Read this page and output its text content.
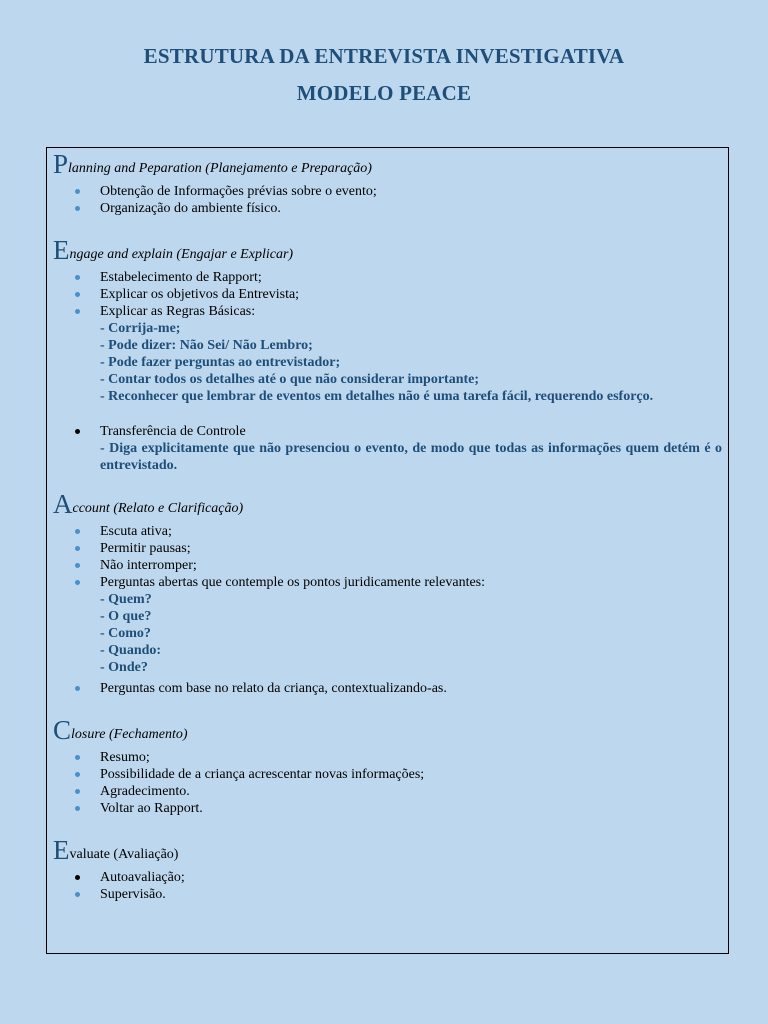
ESTRUTURA DA ENTREVISTA INVESTIGATIVA
MODELO PEACE
Planning and Peparation (Planejamento e Preparação)
Obtenção de Informações prévias sobre o evento;
Organização do ambiente físico.
Engage and explain (Engajar e Explicar)
Estabelecimento de Rapport;
Explicar os objetivos da Entrevista;
Explicar as Regras Básicas:
- Corrija-me;
- Pode dizer: Não Sei/ Não Lembro;
- Pode fazer perguntas ao entrevistador;
- Contar todos os detalhes até o que não considerar importante;
- Reconhecer que lembrar de eventos em detalhes não é uma tarefa fácil, requerendo esforço.
Transferência de Controle
- Diga explicitamente que não presenciou o evento, de modo que todas as informações quem detém é o entrevistado.
Account (Relato e Clarificação)
Escuta ativa;
Permitir pausas;
Não interromper;
Perguntas abertas que contemple os pontos juridicamente relevantes:
- Quem?
- O que?
- Como?
- Quando:
- Onde?
Perguntas com base no relato da criança, contextualizando-as.
Closure (Fechamento)
Resumo;
Possibilidade de a criança acrescentar novas informações;
Agradecimento.
Voltar ao Rapport.
Evaluate (Avaliação)
Autoavaliação;
Supervisão.
